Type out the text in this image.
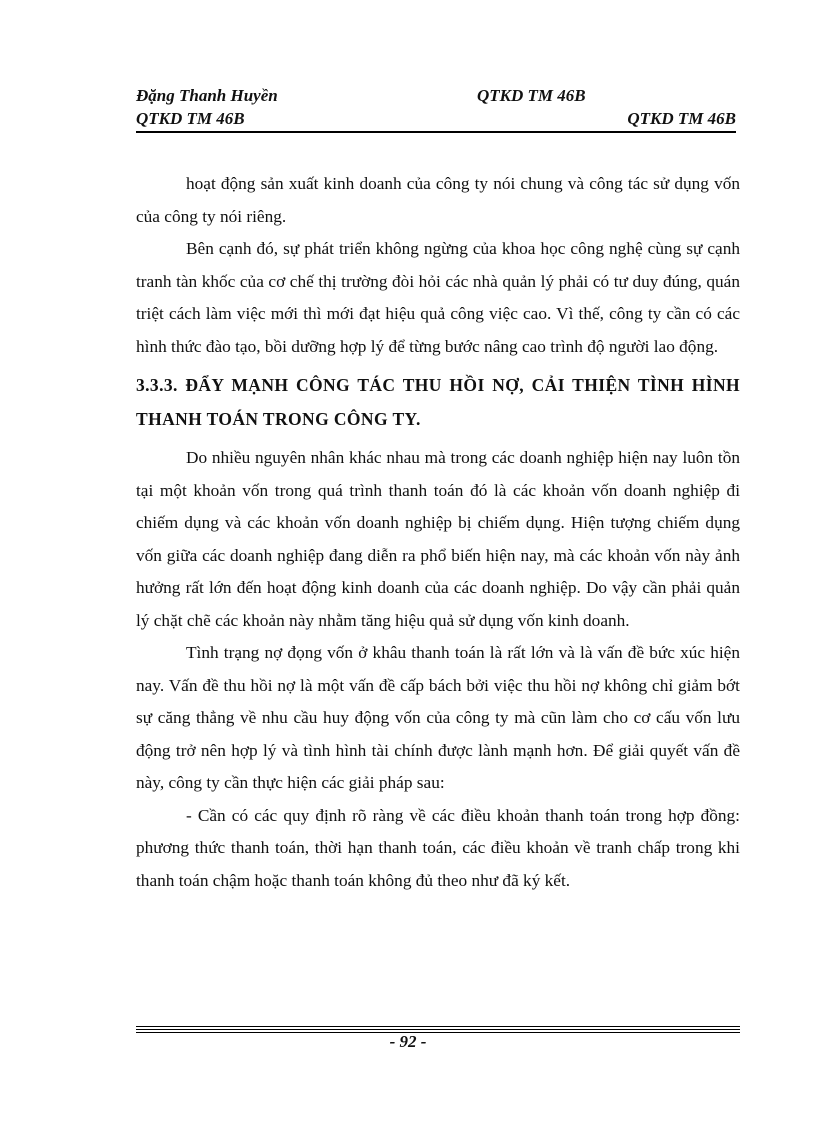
Đặng Thanh Huyền	QTKD TM 46B
QTKD TM 46B	QTKD TM 46B

hoạt động sản xuất kinh doanh của công ty nói chung và công tác sử dụng vốn của công ty nói riêng.

Bên cạnh đó, sự phát triển không ngừng của khoa học công nghệ cùng sự cạnh tranh tàn khốc của cơ chế thị trường đòi hỏi các nhà quản lý phải có tư duy đúng, quán triệt cách làm việc mới thì mới đạt hiệu quả công việc cao. Vì thế, công ty cần có các hình thức đào tạo, bồi dưỡng hợp lý để từng bước nâng cao trình độ người lao động.

3.3.3. ĐẨY MẠNH CÔNG TÁC THU HỒI NỢ, CẢI THIỆN TÌNH HÌNH THANH TOÁN TRONG CÔNG TY.

Do nhiều nguyên nhân khác nhau mà trong các doanh nghiệp hiện nay luôn tồn tại một khoản vốn trong quá trình thanh toán đó là các khoản vốn doanh nghiệp đi chiếm dụng và các khoản vốn doanh nghiệp bị chiếm dụng. Hiện tượng chiếm dụng vốn giữa các doanh nghiệp đang diễn ra phổ biến hiện nay, mà các khoản vốn này ảnh hưởng rất lớn đến hoạt động kinh doanh của các doanh nghiệp. Do vậy cần phải quản lý chặt chẽ các khoản này nhằm tăng hiệu quả sử dụng vốn kinh doanh.

Tình trạng nợ đọng vốn ở khâu thanh toán là rất lớn và là vấn đề bức xúc hiện nay. Vấn đề thu hồi nợ là một vấn đề cấp bách bởi việc thu hồi nợ không chỉ giảm bớt sự căng thẳng về nhu cầu huy động vốn của công ty mà cũn làm cho cơ cấu vốn lưu động trở nên hợp lý và tình hình tài chính được lành mạnh hơn. Để giải quyết vấn đề này, công ty cần thực hiện các giải pháp sau:

- Cần có các quy định rõ ràng về các điều khoản thanh toán trong hợp đồng: phương thức thanh toán, thời hạn thanh toán, các điều khoản về tranh chấp trong khi thanh toán chậm hoặc thanh toán không đủ theo như đã ký kết.

- 92 -
